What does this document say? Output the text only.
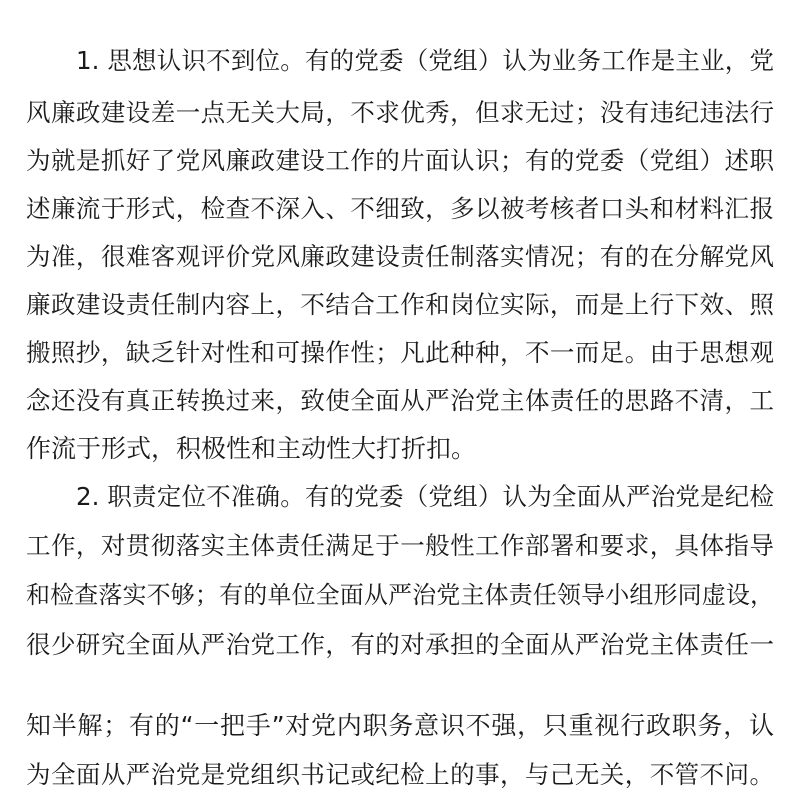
1. 思想认识不到位。有的党委（党组）认为业务工作是主业，党
风廉政建设差一点无关大局，不求优秀，但求无过；没有违纪违法行
为就是抓好了党风廉政建设工作的片面认识；有的党委（党组）述职
述廉流于形式，检查不深入、不细致，多以被考核者口头和材料汇报
为准，很难客观评价党风廉政建设责任制落实情况；有的在分解党风
廉政建设责任制内容上，不结合工作和岗位实际，而是上行下效、照
搬照抄，缺乏针对性和可操作性；凡此种种，不一而足。由于思想观
念还没有真正转换过来，致使全面从严治党主体责任的思路不清，工
作流于形式，积极性和主动性大打折扣。
2. 职责定位不准确。有的党委（党组）认为全面从严治党是纪检
工作，对贯彻落实主体责任满足于一般性工作部署和要求，具体指导
和检查落实不够；有的单位全面从严治党主体责任领导小组形同虚设，
很少研究全面从严治党工作，有的对承担的全面从严治党主体责任一
知半解；有的“一把手”对党内职务意识不强，只重视行政职务，认
为全面从严治党是党组织书记或纪检上的事，与己无关，不管不问。
